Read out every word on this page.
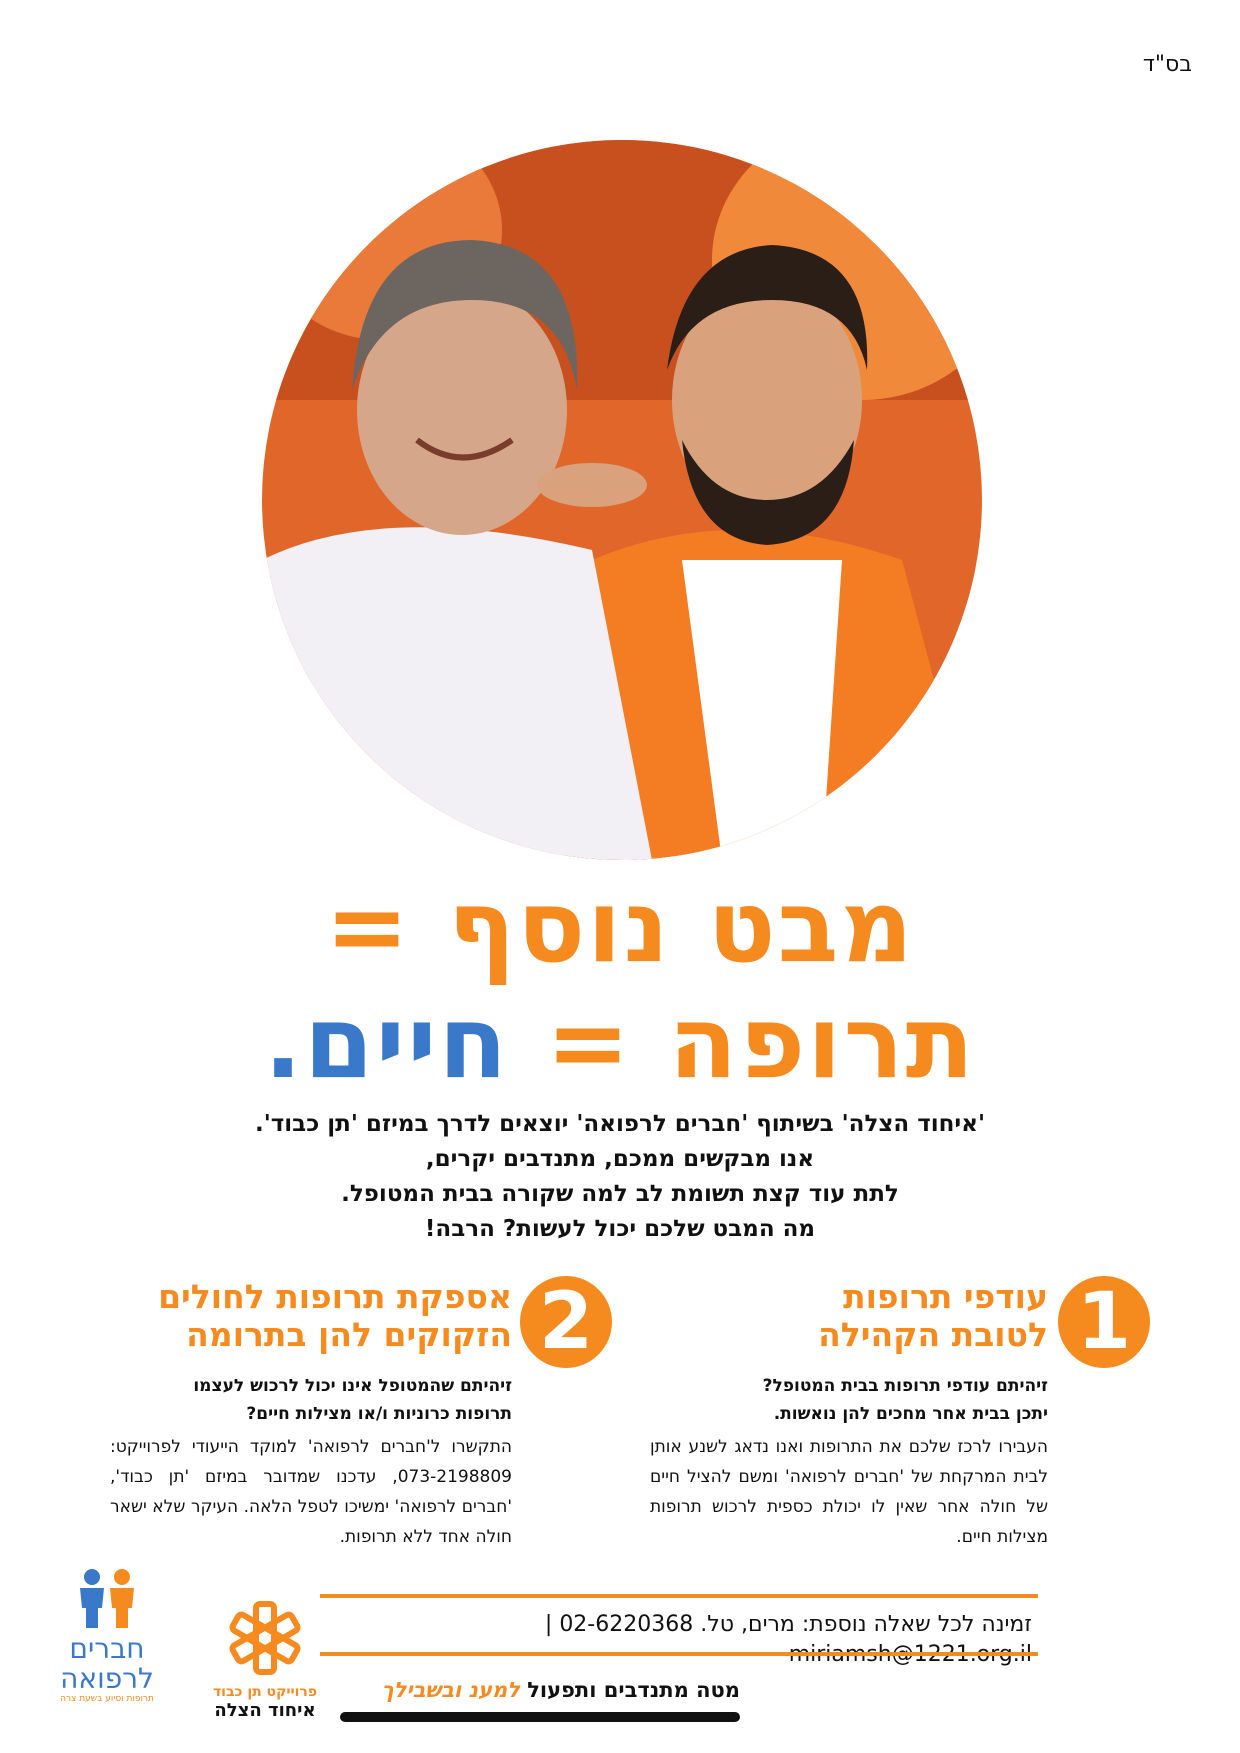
בס"ד
מבט נוסף =
תרופה = חיים.

'איחוד הצלה' בשיתוף 'חברים לרפואה' יוצאים לדרך במיזם 'תן כבוד'.

אנו מבקשים ממכם, מתנדבים יקרים,

לתת עוד קצת תשומת לב למה שקורה בבית המטופל.

מה המבט שלכם יכול לעשות? הרבה!

1
עודפי תרופות
לטובת הקהילה
זיהיתם עודפי תרופות בבית המטופל?
יתכן בבית אחר מחכים להן נואשות.
העבירו לרכז שלכם את התרופות ואנו נדאג לשנע אותן לבית המרקחת של 'חברים לרפואה' ומשם להציל חיים של חולה אחר שאין לו יכולת כספית לרכוש תרופות מצילות חיים.
2
אספקת תרופות לחולים
הזקוקים להן בתרומה
זיהיתם שהמטופל אינו יכול לרכוש לעצמו
תרופות כרוניות ו/או מצילות חיים?
התקשרו ל'חברים לרפואה' למוקד הייעודי לפרוייקט: 073-2198809, עדכנו שמדובר במיזם 'תן כבוד', 'חברים לרפואה' ימשיכו לטפל הלאה. העיקר שלא ישאר חולה אחד ללא תרופות.
זמינה לכל שאלה נוספת: מרים, טל. 02-6220368 |
מטה מתנדבים ותפעול למענ ובשבילך
פרוייקט תן כבוד
איחוד הצלה
חברים
לרפואה
תרופות וסיוע בשעת צרה
